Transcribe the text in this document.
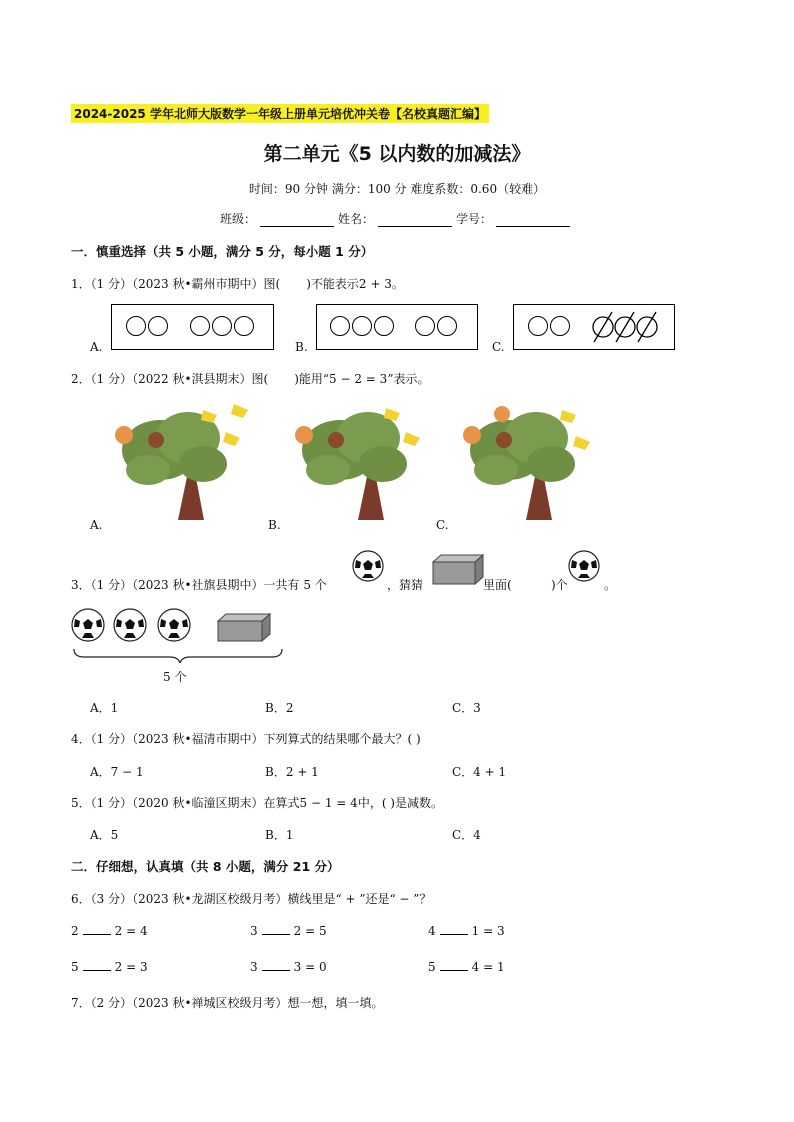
2024-2025 学年北师大版数学一年级上册单元培优冲关卷【名校真题汇编】
第二单元《5 以内数的加减法》
时间：90 分钟 满分：100 分 难度系数：0.60（较难）
班级：	姓名：	学号：
一．慎重选择（共 5 小题，满分 5 分，每小题 1 分）
1．（1 分）（2023 秋•霸州市期中）图( )不能表示2 + 3。
A.	B.	C.
2．（1 分）（2022 秋•淇县期末）图( )能用“5 − 2 = 3”表示。
A.	B.	C.
3．（1 分）（2023 秋•社旗县期中）一共有 5 个	，猜猜	里面(	)个	。
5 个
A．1	B．2	C．3
4．（1 分）（2023 秋•福清市期中）下列算式的结果哪个最大？( )
A．7 − 1	B．2 + 1	C．4 + 1
5．（1 分）（2020 秋•临潼区期末）在算式5 − 1 = 4中，( )是减数。
A．5	B．1	C．4
二．仔细想，认真填（共 8 小题，满分 21 分）
6．（3 分）（2023 秋•龙湖区校级月考）横线里是“ + ”还是“ − ”？
2	2 = 4	3	2 = 5	4	1 = 3
5	2 = 3	3	3 = 0	5	4 = 1
7．（2 分）（2023 秋•禅城区校级月考）想一想，填一填。
